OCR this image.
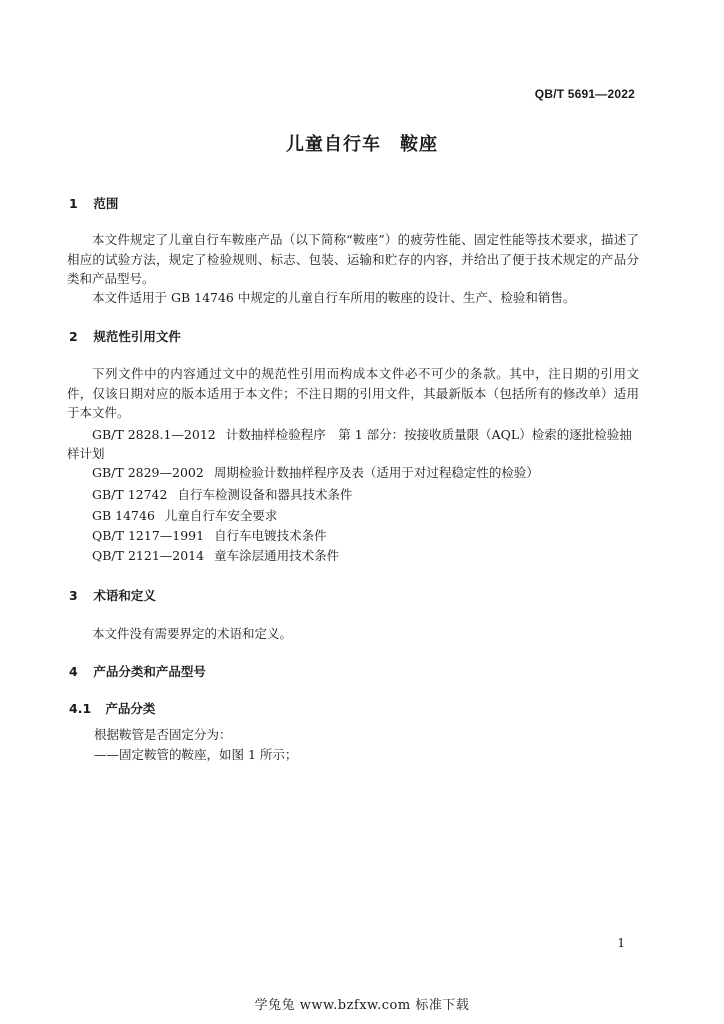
QB/T 5691—2022
儿童自行车　鞍座
1 范围

本文件规定了儿童自行车鞍座产品（以下简称“鞍座”）的疲劳性能、固定性能等技术要求，描述了相应的试验方法，规定了检验规则、标志、包装、运输和贮存的内容，并给出了便于技术规定的产品分类和产品型号。

本文件适用于 GB 14746 中规定的儿童自行车所用的鞍座的设计、生产、检验和销售。

2 规范性引用文件

下列文件中的内容通过文中的规范性引用而构成本文件必不可少的条款。其中，注日期的引用文件，仅该日期对应的版本适用于本文件；不注日期的引用文件，其最新版本（包括所有的修改单）适用于本文件。

GB/T 2828.1—2012 计数抽样检验程序　第 1 部分：按接收质量限（AQL）检索的逐批检验抽样计划

GB/T 2829—2002 周期检验计数抽样程序及表（适用于对过程稳定性的检验）

GB/T 12742 自行车检测设备和器具技术条件

GB 14746 儿童自行车安全要求

QB/T 1217—1991 自行车电镀技术条件

QB/T 2121—2014 童车涂层通用技术条件

3 术语和定义

本文件没有需要界定的术语和定义。

4 产品分类和产品型号
4.1 产品分类

根据鞍管是否固定分为：

——固定鞍管的鞍座，如图 1 所示；

1
学兔兔 www.bzfxw.com 标准下载
